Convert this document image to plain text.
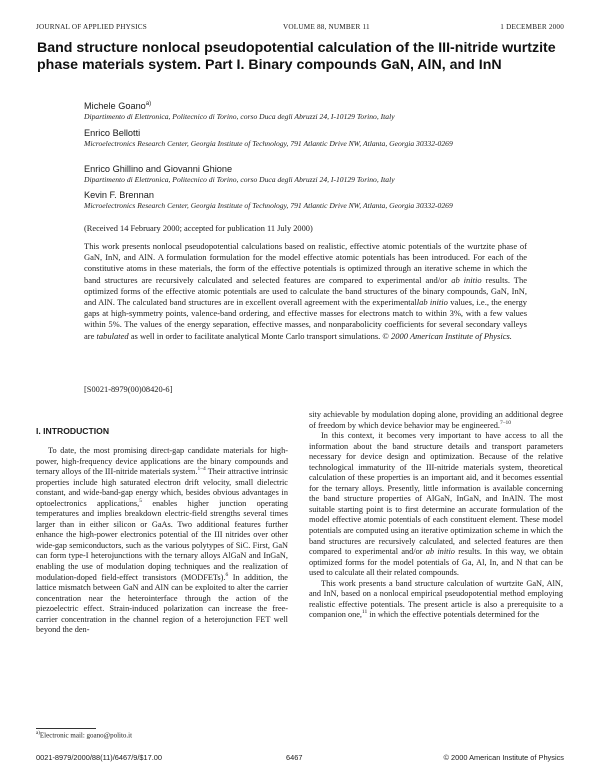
JOURNAL OF APPLIED PHYSICS	VOLUME 88, NUMBER 11	1 DECEMBER 2000
Band structure nonlocal pseudopotential calculation of the III-nitride wurtzite phase materials system. Part I. Binary compounds GaN, AlN, and InN
Michele Goano$^{a)}$
Dipartimento di Elettronica, Politecnico di Torino, corso Duca degli Abruzzi 24, I-10129 Torino, Italy
Enrico Bellotti
Microelectronics Research Center, Georgia Institute of Technology, 791 Atlantic Drive NW, Atlanta, Georgia 30332-0269
Enrico Ghillino and Giovanni Ghione
Dipartimento di Elettronica, Politecnico di Torino, corso Duca degli Abruzzi 24, I-10129 Torino, Italy
Kevin F. Brennan
Microelectronics Research Center, Georgia Institute of Technology, 791 Atlantic Drive NW, Atlanta, Georgia 30332-0269
(Received 14 February 2000; accepted for publication 11 July 2000)
This work presents nonlocal pseudopotential calculations based on realistic, effective atomic potentials of the wurtzite phase of GaN, InN, and AlN. A formulation formulation for the model effective atomic potentials has been introduced. For each of the constitutive atoms in these materials, the form of the effective potentials is optimized through an iterative scheme in which the band structures are recursively calculated and selected features are compared to experimental and/or ab initio results. The optimized forms of the effective atomic potentials are used to calculate the band structures of the binary compounds, GaN, InN, and AlN. The calculated band structures are in excellent overall agreement with the experimentallab initio values, i.e., the energy gaps at high-symmetry points, valence-band ordering, and effective masses for electrons match to within 3%, with a few values within 5%. The values of the energy separation, effective masses, and nonparabolicity coefficients for several secondary valleys are tabulated as well in order to facilitate analytical Monte Carlo transport simulations. © 2000 American Institute of Physics.
[S0021-8979(00)08420-6]
I. INTRODUCTION

To date, the most promising direct-gap candidate materials for high-power, high-frequency device applications are the binary compounds and ternary alloys of the III-nitride materials system.$^{1-4}$ Their attractive intrinsic properties include high saturated electron drift velocity, small dielectric constant, and wide-band-gap energy which, besides obvious advantages in optoelectronics applications,$^5$ enables higher junction operating temperatures and implies breakdown electric-field strengths several times larger than in either silicon or GaAs. Two additional features further enhance the high-power electronics potential of the III nitrides over other wide-gap semiconductors, such as the various polytypes of SiC. First, GaN can form type-I heterojunctions with the ternary alloys AlGaN and InGaN, enabling the use of modulation doping techniques and the realization of modulation-doped field-effect transistors (MODFETs).$^6$ In addition, the lattice mismatch between GaN and AlN can be exploited to alter the carrier concentration near the heterointerface through the action of the piezoelectric effect. Strain-induced polarization can increase the free-carrier concentration in the channel region of a heterojunction FET well beyond the den-

sity achievable by modulation doping alone, providing an additional degree of freedom by which device behavior may be engineered.$^{7-10}$

In this context, it becomes very important to have access to all the information about the band structure details and transport parameters necessary for device design and optimization. Because of the relative technological immaturity of the III-nitride materials system, theoretical calculation of these properties is an important aid, and it becomes essential for the ternary alloys. Presently, little information is available concerning the band structure properties of AlGaN, InGaN, and InAlN. The most suitable starting point is to first determine an accurate formulation of the model effective atomic potentials of each constituent element. These model potentials are computed using an iterative optimization scheme in which the band structures are recursively calculated, and selected features are then compared to experimental and/or ab initio results. In this way, we obtain optimized forms for the model potentials of Ga, Al, In, and N that can be used to calculate all their related compounds.

This work presents a band structure calculation of wurtzite GaN, AlN, and InN, based on a nonlocal empirical pseudopotential method employing realistic effective potentials. The present article is also a prerequisite to a companion one,$^{11}$ in which the effective potentials determined for the

$^{a)}$Electronic mail: goano@polito.it
0021-8979/2000/88(11)/6467/9/$17.00	6467	© 2000 American Institute of Physics
